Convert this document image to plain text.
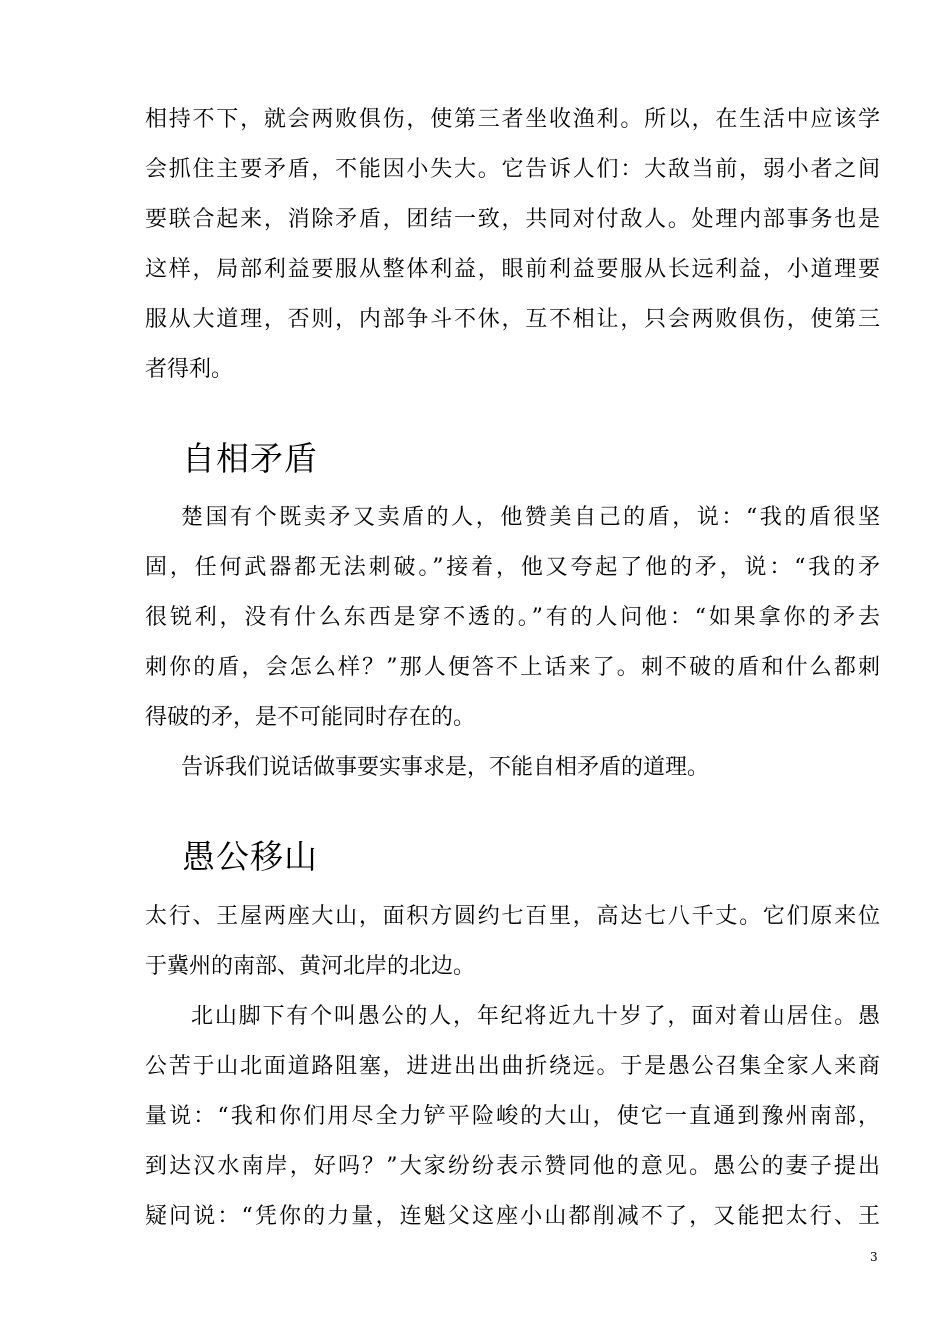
相持不下，就会两败俱伤，使第三者坐收渔利。所以，在生活中应该学
会抓住主要矛盾，不能因小失大。它告诉人们：大敌当前，弱小者之间
要联合起来，消除矛盾，团结一致，共同对付敌人。处理内部事务也是
这样，局部利益要服从整体利益，眼前利益要服从长远利益，小道理要
服从大道理，否则，内部争斗不休，互不相让，只会两败俱伤，使第三
者得利。
自相矛盾
楚国有个既卖矛又卖盾的人，他赞美自己的盾，说：“我的盾很坚
固，任何武器都无法刺破。”接着，他又夸起了他的矛，说：“我的矛
很锐利，没有什么东西是穿不透的。”有的人问他：“如果拿你的矛去
刺你的盾，会怎么样？”那人便答不上话来了。刺不破的盾和什么都刺
得破的矛，是不可能同时存在的。
告诉我们说话做事要实事求是，不能自相矛盾的道理。
愚公移山
太行、王屋两座大山，面积方圆约七百里，高达七八千丈。它们原来位
于冀州的南部、黄河北岸的北边。
北山脚下有个叫愚公的人，年纪将近九十岁了，面对着山居住。愚
公苦于山北面道路阻塞，进进出出曲折绕远。于是愚公召集全家人来商
量说：“我和你们用尽全力铲平险峻的大山，使它一直通到豫州南部，
到达汉水南岸，好吗？”大家纷纷表示赞同他的意见。愚公的妻子提出
疑问说：“凭你的力量，连魁父这座小山都削减不了，又能把太行、王
3
